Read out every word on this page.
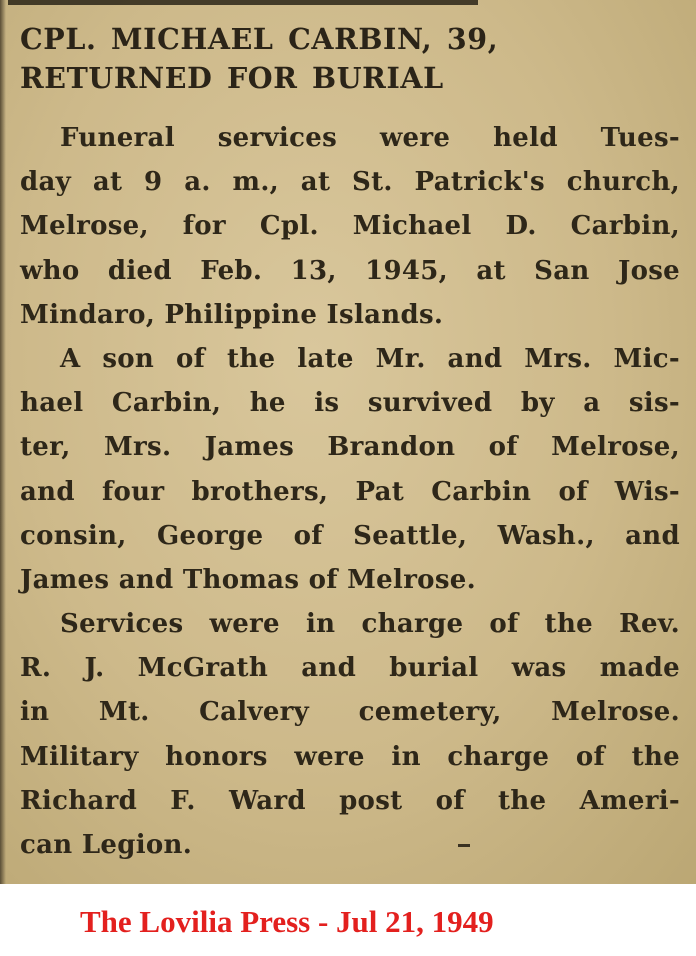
CPL. MICHAEL CARBIN, 39,
RETURNED FOR BURIAL
Funeral services were held Tues-
day at 9 a. m., at St. Patrick's church,
Melrose, for Cpl. Michael D. Carbin,
who died Feb. 13, 1945, at San Jose
Mindaro, Philippine Islands.
A son of the late Mr. and Mrs. Mic-
hael Carbin, he is survived by a sis-
ter, Mrs. James Brandon of Melrose,
and four brothers, Pat Carbin of Wis-
consin, George of Seattle, Wash., and
James and Thomas of Melrose.
Services were in charge of the Rev.
R. J. McGrath and burial was made
in Mt. Calvery cemetery, Melrose.
Military honors were in charge of the
Richard F. Ward post of the Ameri-
can Legion.

The Lovilia Press - Jul 21, 1949
